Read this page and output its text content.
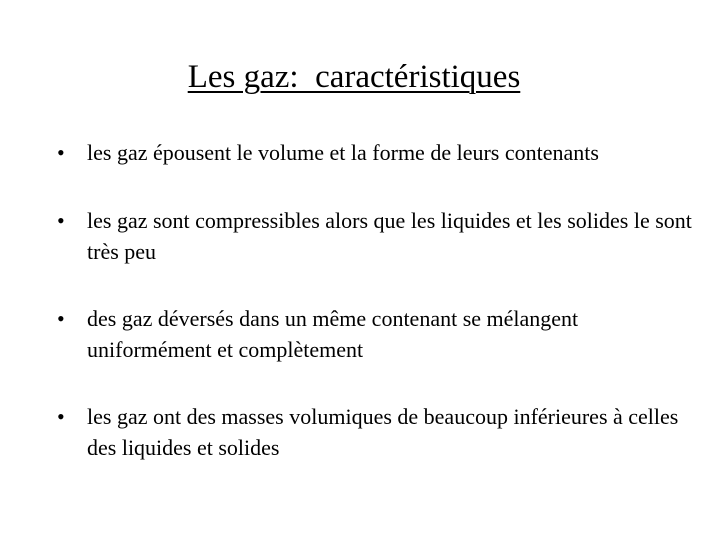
Les gaz:  caractéristiques
•	les gaz épousent le volume et la forme de leurs contenants
•	les gaz sont compressibles alors que les liquides et les solides le sont très peu
•	des gaz déversés dans un même contenant se mélangent uniformément et complètement
•	les gaz ont des masses volumiques de beaucoup inférieures à celles des liquides et solides
